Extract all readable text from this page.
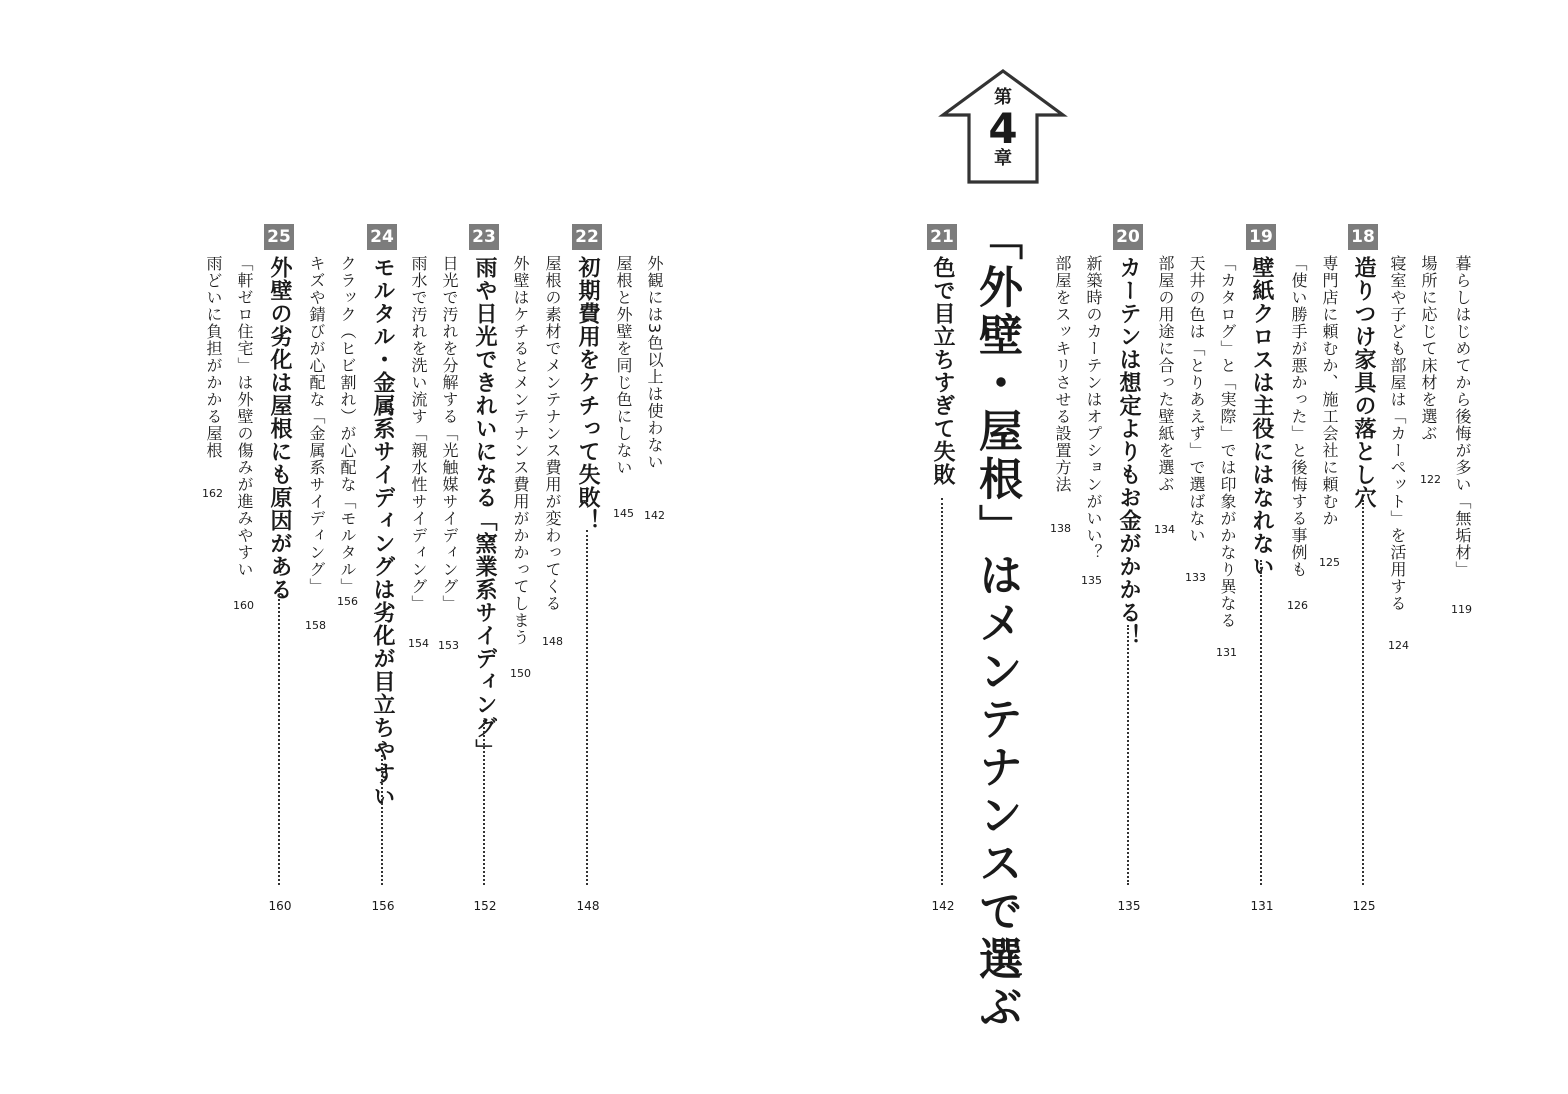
第
4
章
「外壁・屋根」はメンテナンスで選ぶ	暮らしはじめてから後悔が多い「無垢材」
119
場所に応じて床材を選ぶ
122
寝室や子ども部屋は「カーペット」を活用する
124
18
造りつけ家具の落とし穴
125
専門店に頼むか、施工会社に頼むか
125
「使い勝手が悪かった」と後悔する事例も
126
19
壁紙クロスは主役にはなれない
131
「カタログ」と「実際」では印象がかなり異なる
131
天井の色は「とりあえず」で選ばない
133
部屋の用途に合った壁紙を選ぶ
134
20
カーテンは想定よりもお金がかかる！
135
新築時のカーテンはオプションがいい？
135
部屋をスッキリさせる設置方法
138
21
色で目立ちすぎて失敗
142
外観には3色以上は使わない
142
屋根と外壁を同じ色にしない
145
22
初期費用をケチって失敗！
148
屋根の素材でメンテナンス費用が変わってくる
148
外壁はケチるとメンテナンス費用がかかってしまう
150
23
雨や日光できれいになる「窯業系サイディング」
152
日光で汚れを分解する「光触媒サイディング」
153
雨水で汚れを洗い流す「親水性サイディング」
154
24
モルタル・金属系サイディングは劣化が目立ちやすい
156
クラック（ヒビ割れ）が心配な「モルタル」
156
キズや錆びが心配な「金属系サイディング」
158
25
外壁の劣化は屋根にも原因がある
160
「軒ゼロ住宅」は外壁の傷みが進みやすい
160
雨どいに負担がかかる屋根
162
